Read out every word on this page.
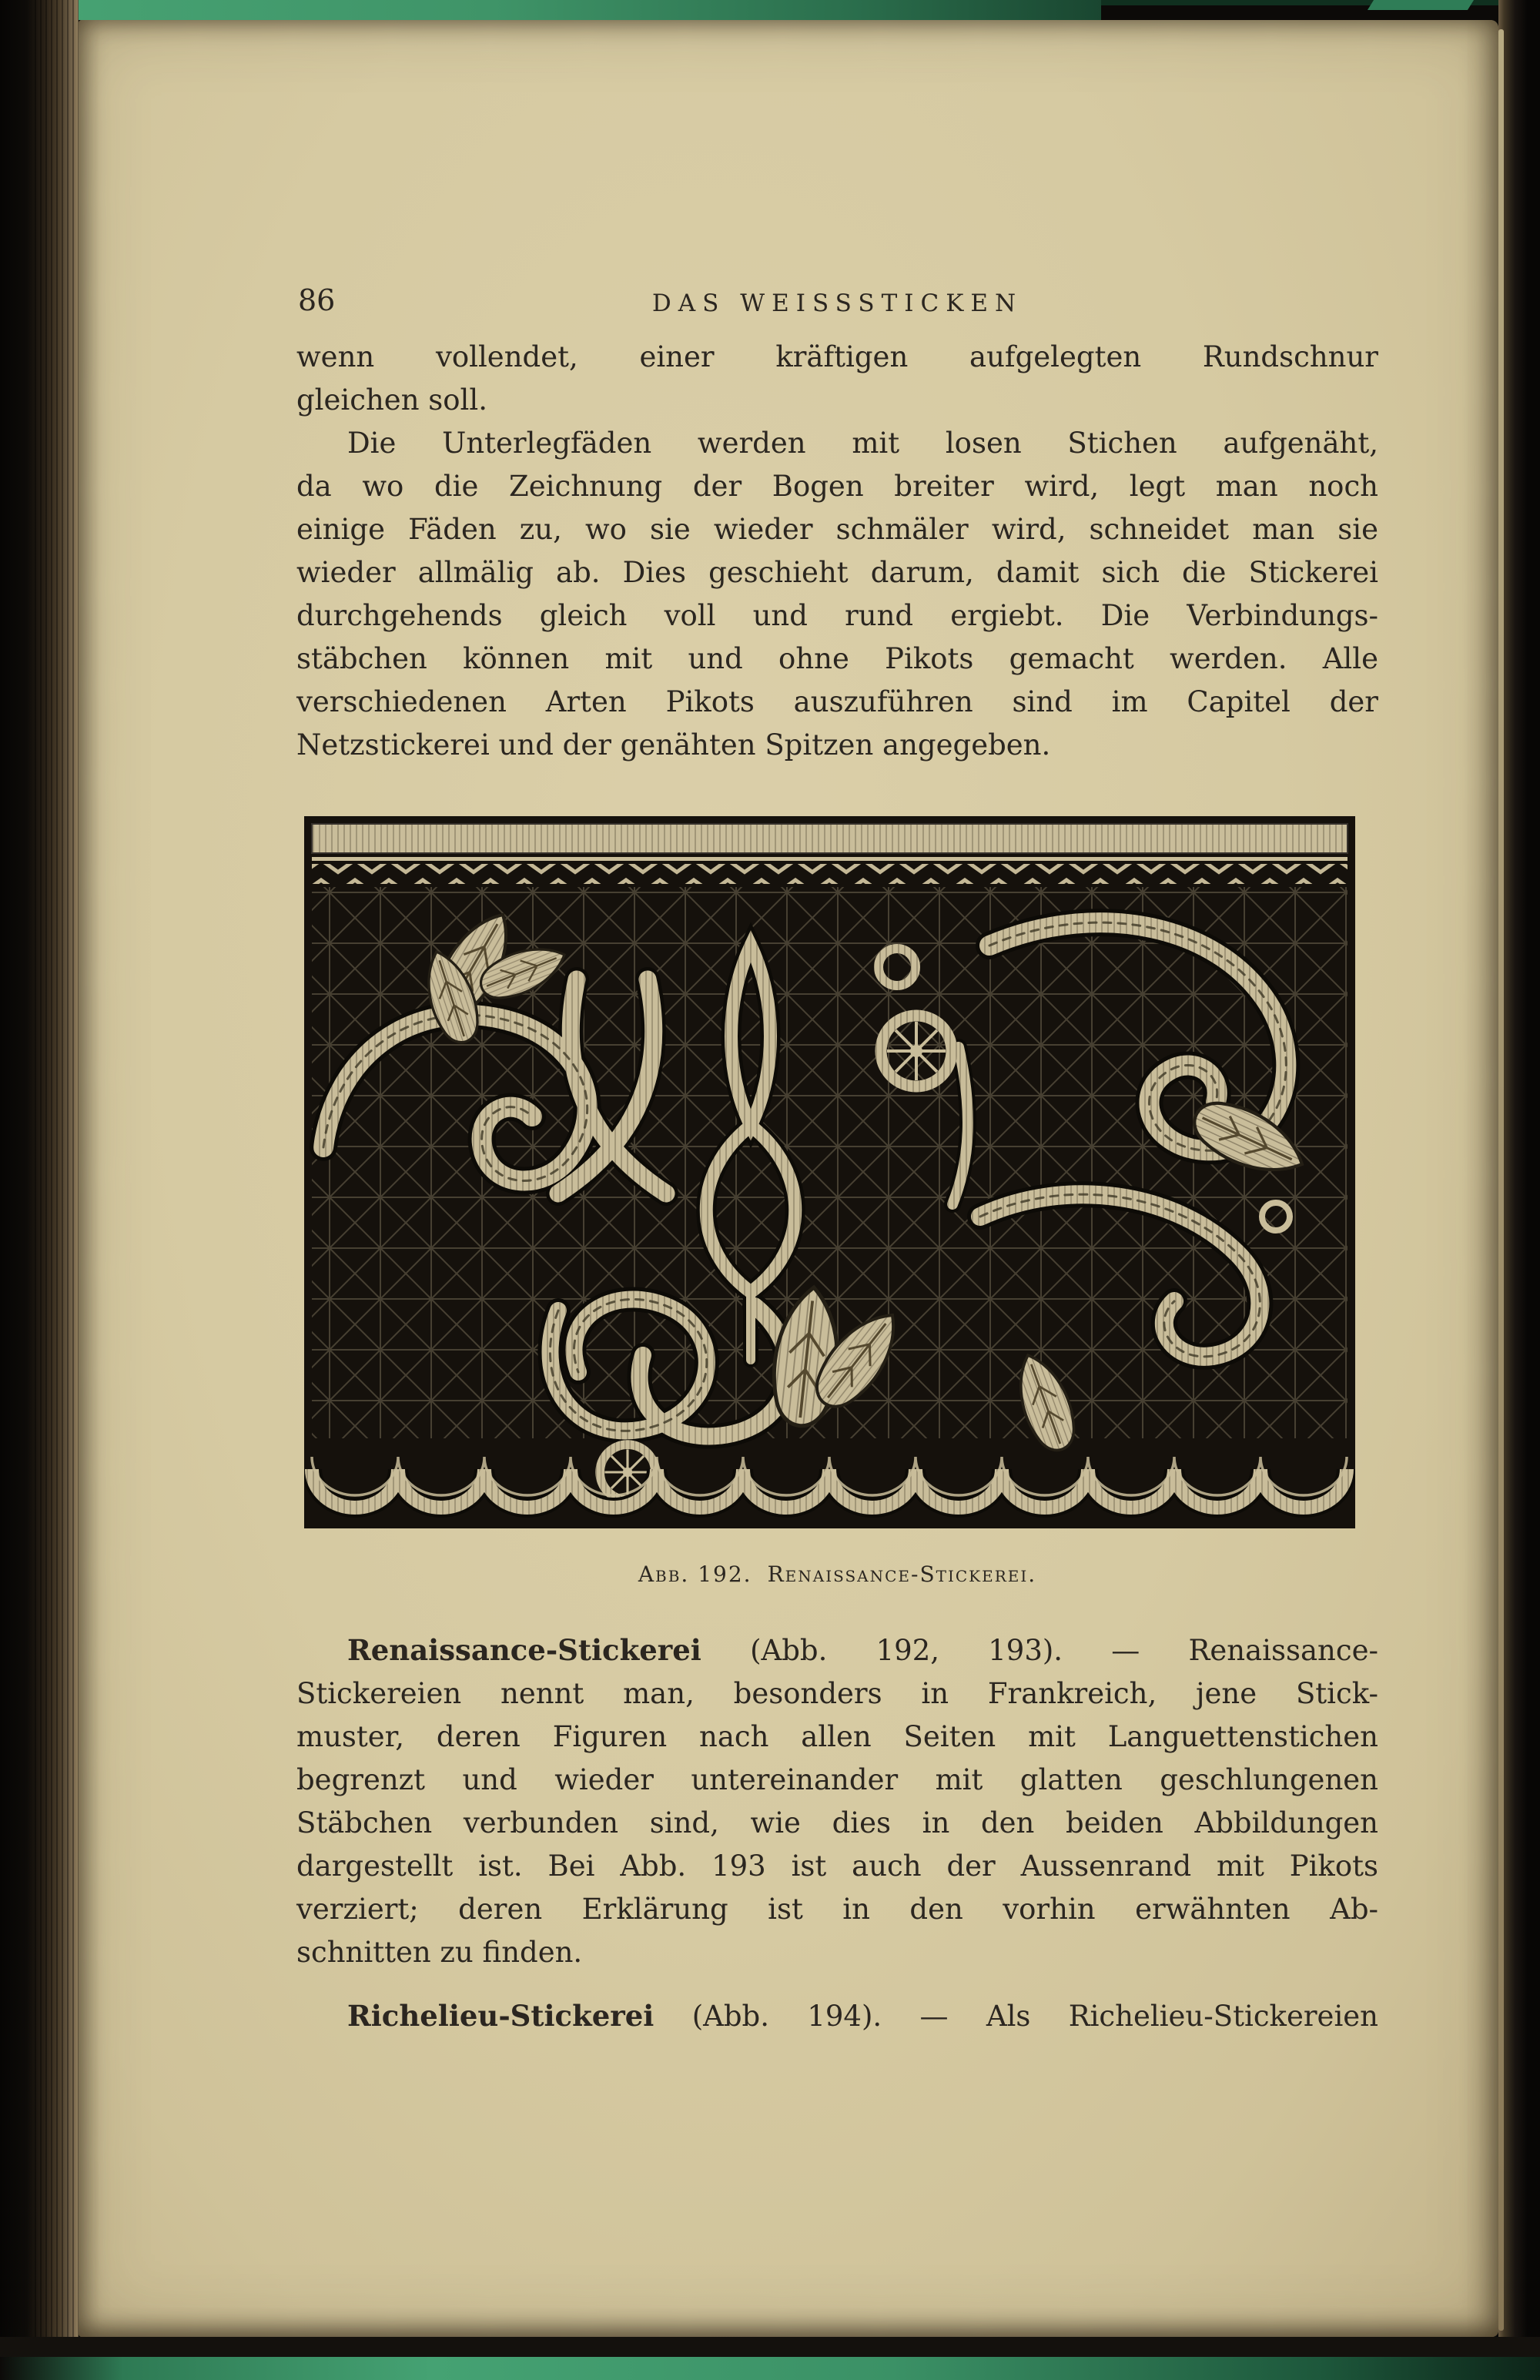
86	DAS WEISSSTICKEN
wenn vollendet, einer kräftigen aufgelegten Rundschnur
gleichen soll.
Die Unterlegfäden werden mit losen Stichen aufgenäht,
da wo die Zeichnung der Bogen breiter wird, legt man noch
einige Fäden zu, wo sie wieder schmäler wird, schneidet man sie
wieder allmälig ab. Dies geschieht darum, damit sich die Stickerei
durchgehends gleich voll und rund ergiebt. Die Verbindungs-
stäbchen können mit und ohne Pikots gemacht werden. Alle
verschiedenen Arten Pikots auszuführen sind im Capitel der
Netzstickerei und der genähten Spitzen angegeben.
Abb. 192. Renaissance-Stickerei.
Renaissance-Stickerei (Abb. 192, 193). — Renaissance-
Stickereien nennt man, besonders in Frankreich, jene Stick-
muster, deren Figuren nach allen Seiten mit Languettenstichen
begrenzt und wieder untereinander mit glatten geschlungenen
Stäbchen verbunden sind, wie dies in den beiden Abbildungen
dargestellt ist. Bei Abb. 193 ist auch der Aussenrand mit Pikots
verziert; deren Erklärung ist in den vorhin erwähnten Ab-
schnitten zu finden.
Richelieu-Stickerei (Abb. 194). — Als Richelieu-Stickereien
